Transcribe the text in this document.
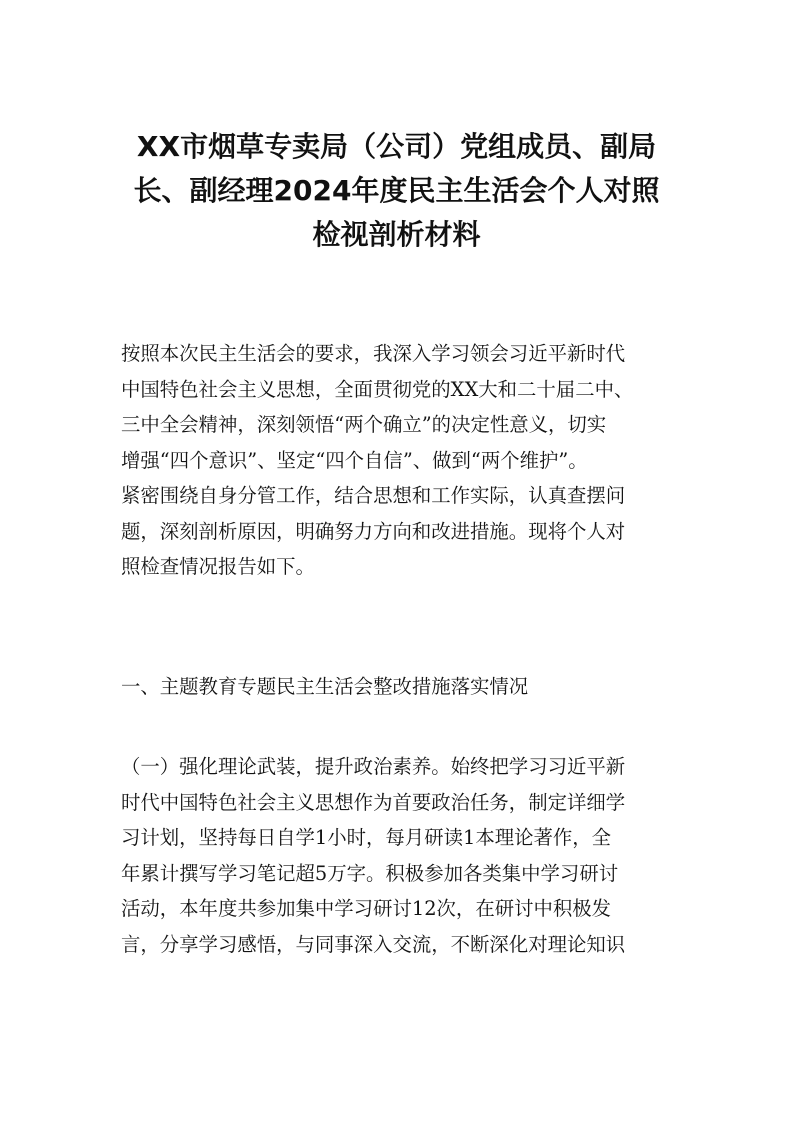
XX市烟草专卖局（公司）党组成员、副局
长、副经理2024年度民主生活会个人对照
检视剖析材料
按照本次民主生活会的要求，我深入学习领会习近平新时代
中国特色社会主义思想，全面贯彻党的XX大和二十届二中、
三中全会精神，深刻领悟“两个确立”的决定性意义，切实
增强“四个意识”、坚定“四个自信”、做到“两个维护”。
紧密围绕自身分管工作，结合思想和工作实际，认真查摆问
题，深刻剖析原因，明确努力方向和改进措施。现将个人对
照检查情况报告如下。
一、主题教育专题民主生活会整改措施落实情况
（一）强化理论武装，提升政治素养。始终把学习习近平新
时代中国特色社会主义思想作为首要政治任务，制定详细学
习计划，坚持每日自学1小时，每月研读1本理论著作，全
年累计撰写学习笔记超5万字。积极参加各类集中学习研讨
活动，本年度共参加集中学习研讨12次，在研讨中积极发
言，分享学习感悟，与同事深入交流，不断深化对理论知识
